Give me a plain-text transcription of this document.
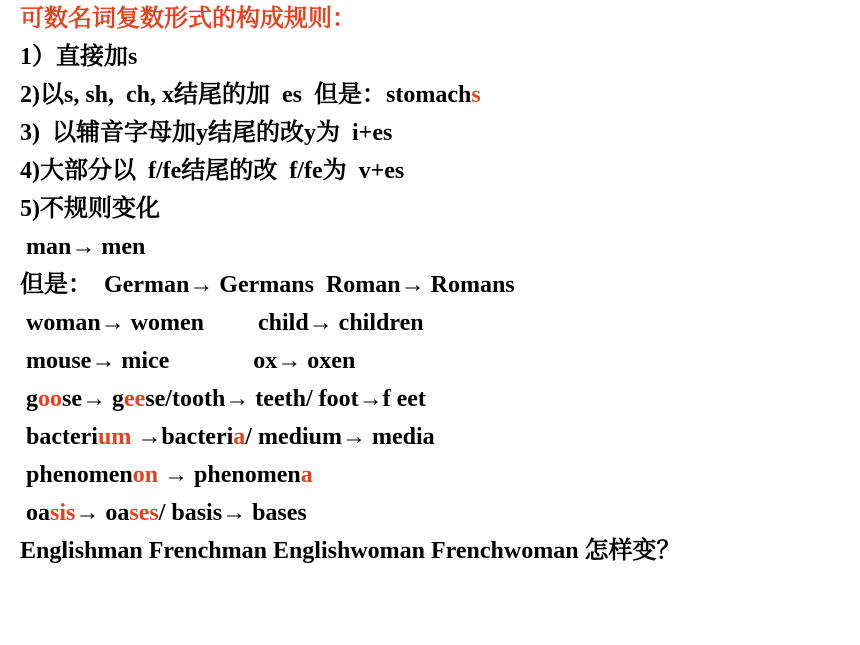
可数名词复数形式的构成规则：
1）直接加s
2)以s, sh,  ch, x结尾的加  es  但是：stomachs
3)  以辅音字母加y结尾的改y为  i+es
4)大部分以  f/fe结尾的改  f/fe为  v+es
5)不规则变化
man→ men
但是：  German→ Germans  Roman→ Romans
woman→ women         child→ children
mouse→ mice              ox→ oxen
goose→ geese/tooth→ teeth/ foot→f eet
bacterium →bacteria/ medium→ media
phenomenon → phenomena
oasis→ oases/ basis→ bases
Englishman Frenchman Englishwoman Frenchwoman 怎样变？
